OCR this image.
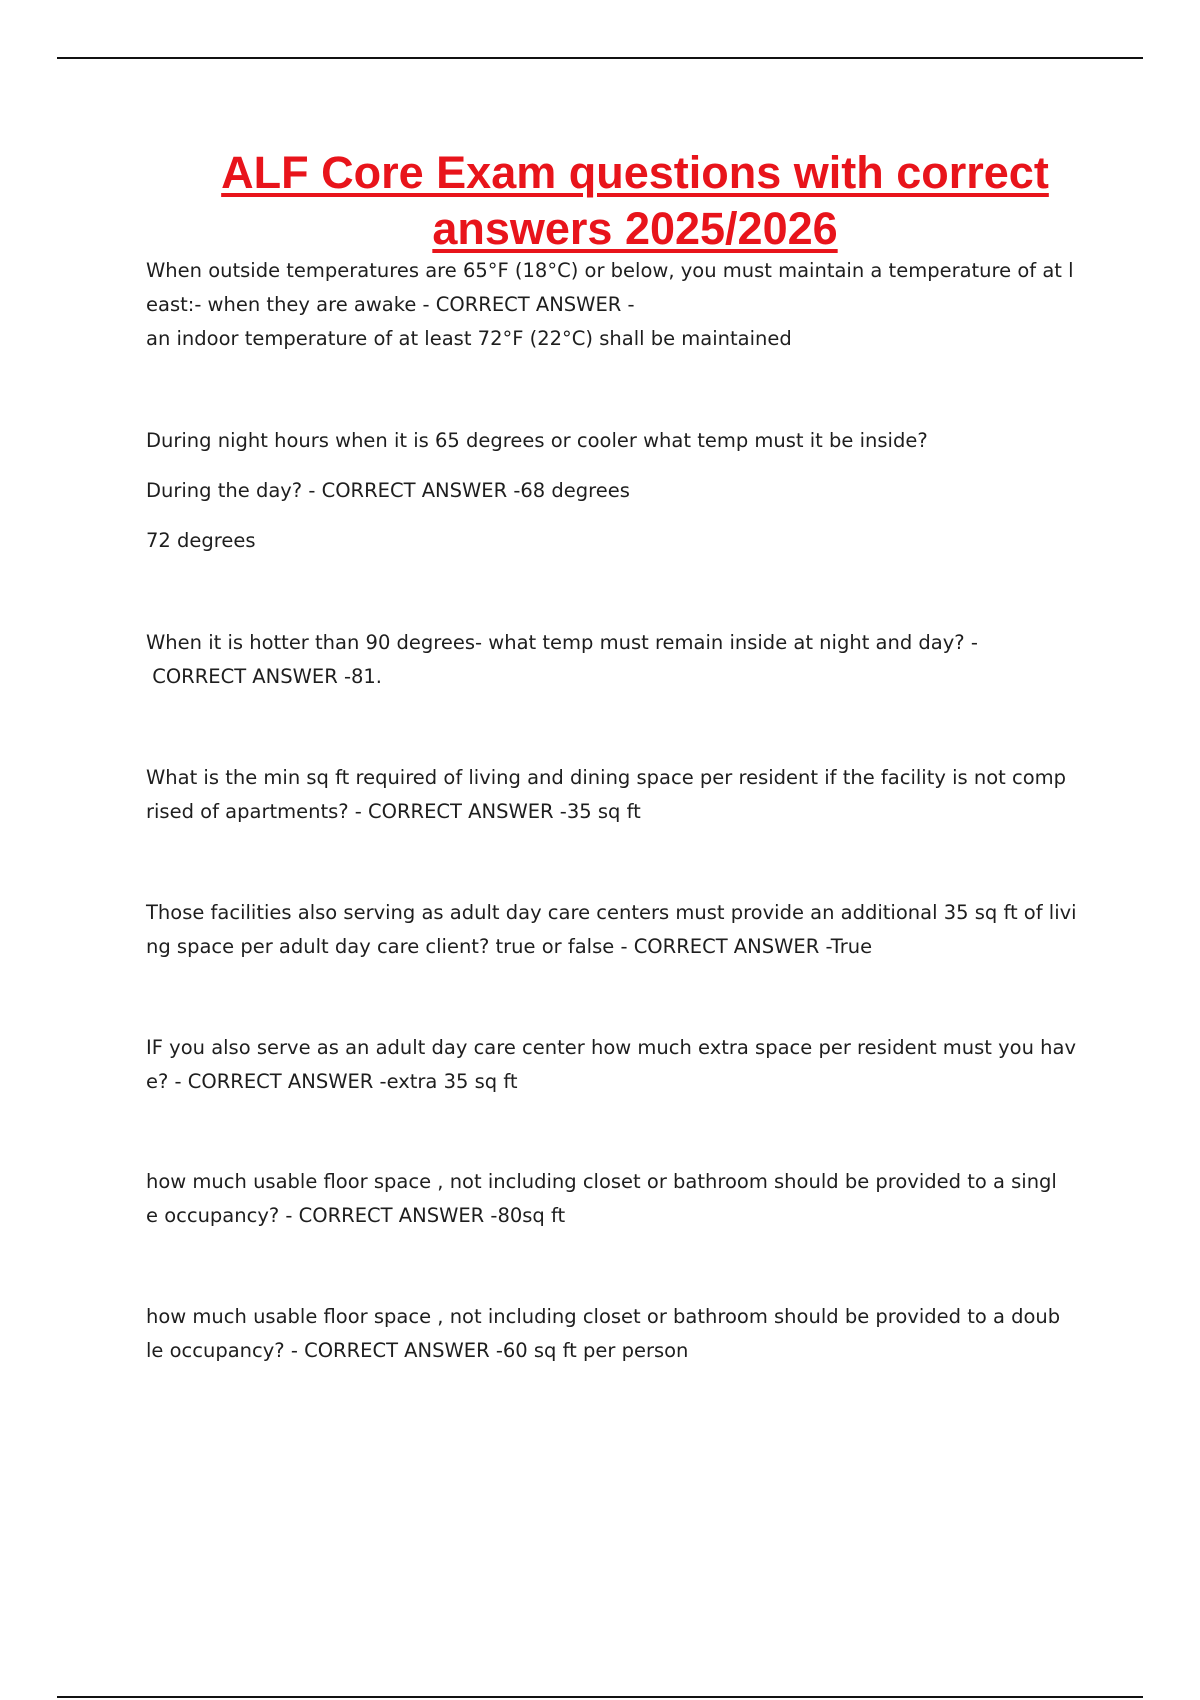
ALF Core Exam questions with correct
answers 2025/2026
When outside temperatures are 65°F (18°C) or below, you must maintain a temperature of at l
east:- when they are awake - CORRECT ANSWER -
an indoor temperature of at least 72°F (22°C) shall be maintained
During night hours when it is 65 degrees or cooler what temp must it be inside?
During the day? - CORRECT ANSWER -68 degrees
72 degrees
When it is hotter than 90 degrees- what temp must remain inside at night and day? -
CORRECT ANSWER -81.
What is the min sq ft required of living and dining space per resident if the facility is not comp
rised of apartments? - CORRECT ANSWER -35 sq ft
Those facilities also serving as adult day care centers must provide an additional 35 sq ft of livi
ng space per adult day care client? true or false - CORRECT ANSWER -True
IF you also serve as an adult day care center how much extra space per resident must you hav
e? - CORRECT ANSWER -extra 35 sq ft
how much usable floor space , not including closet or bathroom should be provided to a singl
e occupancy? - CORRECT ANSWER -80sq ft
how much usable floor space , not including closet or bathroom should be provided to a doub
le occupancy? - CORRECT ANSWER -60 sq ft per person
